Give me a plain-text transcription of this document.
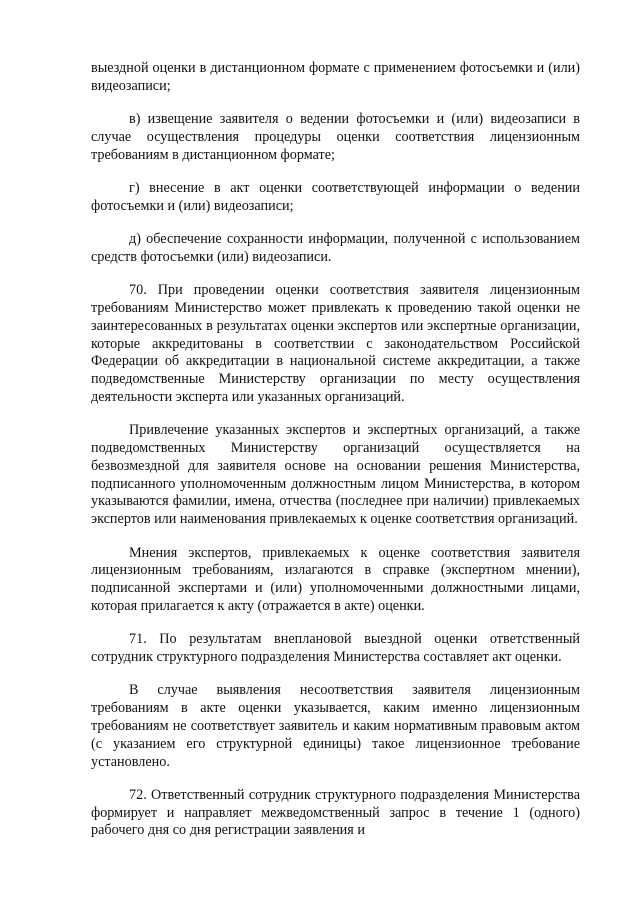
выездной оценки в дистанционном формате с применением фотосъемки и (или) видеозаписи;

в) извещение заявителя о ведении фотосъемки и (или) видеозаписи в случае осуществления процедуры оценки соответствия лицензионным требованиям в дистанционном формате;

г) внесение в акт оценки соответствующей информации о ведении фотосъемки и (или) видеозаписи;

д) обеспечение сохранности информации, полученной с использованием средств фотосъемки (или) видеозаписи.

70. При проведении оценки соответствия заявителя лицензионным требованиям Министерство может привлекать к проведению такой оценки не заинтересованных в результатах оценки экспертов или экспертные организации, которые аккредитованы в соответствии с законодательством Российской Федерации об аккредитации в национальной системе аккредитации, а также подведомственные Министерству организации по месту осуществления деятельности эксперта или указанных организаций.

Привлечение указанных экспертов и экспертных организаций, а также подведомственных Министерству организаций осуществляется на безвозмездной для заявителя основе на основании решения Министерства, подписанного уполномоченным должностным лицом Министерства, в котором указываются фамилии, имена, отчества (последнее при наличии) привлекаемых экспертов или наименования привлекаемых к оценке соответствия организаций.

Мнения экспертов, привлекаемых к оценке соответствия заявителя лицензионным требованиям, излагаются в справке (экспертном мнении), подписанной экспертами и (или) уполномоченными должностными лицами, которая прилагается к акту (отражается в акте) оценки.

71. По результатам внеплановой выездной оценки ответственный сотрудник структурного подразделения Министерства составляет акт оценки.

В случае выявления несоответствия заявителя лицензионным требованиям в акте оценки указывается, каким именно лицензионным требованиям не соответствует заявитель и каким нормативным правовым актом (с указанием его структурной единицы) такое лицензионное требование установлено.

72. Ответственный сотрудник структурного подразделения Министерства формирует и направляет межведомственный запрос в течение 1 (одного) рабочего дня со дня регистрации заявления и
